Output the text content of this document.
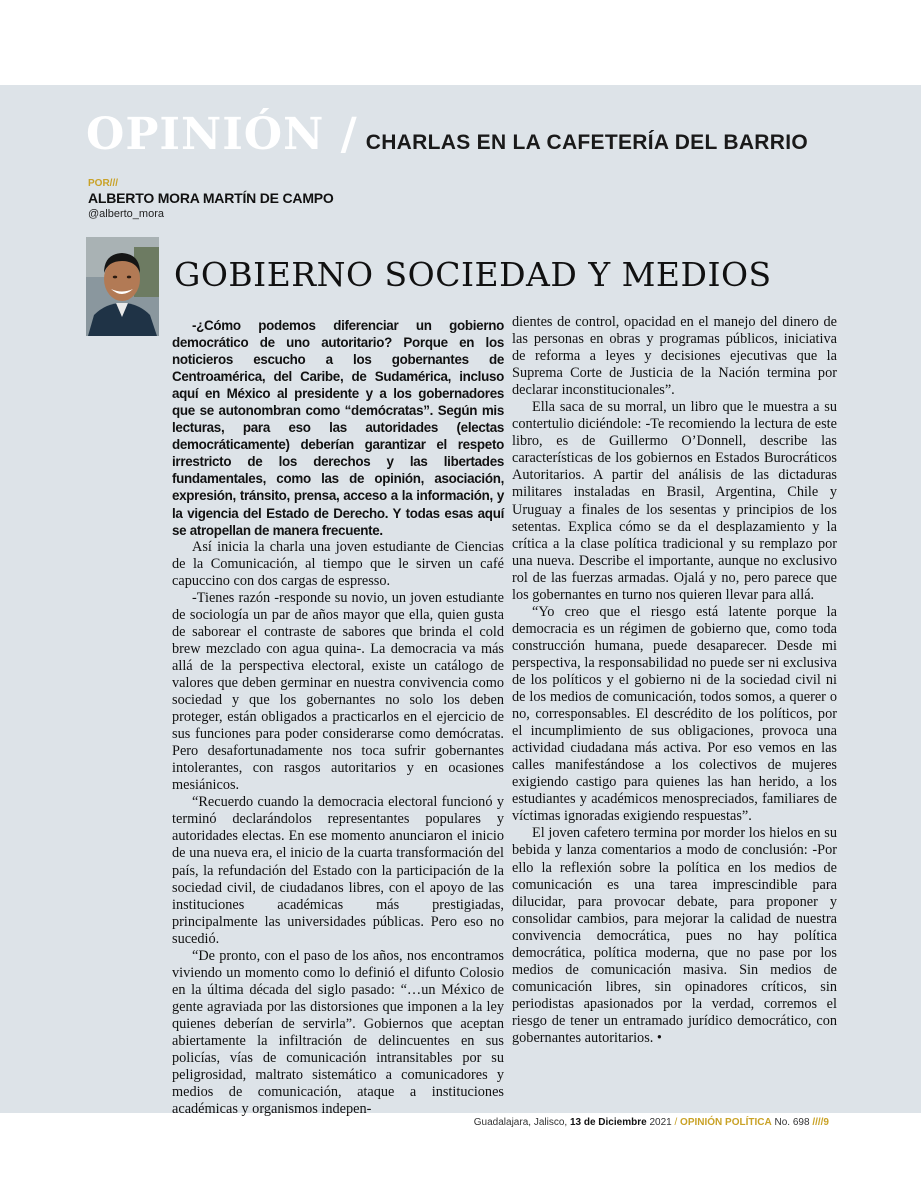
OPINIÓN / CHARLAS EN LA CAFETERÍA DEL BARRIO
POR///
ALBERTO MORA MARTÍN DE CAMPO
@alberto_mora
GOBIERNO SOCIEDAD Y MEDIOS

-¿Cómo podemos diferenciar un gobierno democrático de uno autoritario? Porque en los noticieros escucho a los gobernantes de Centroamérica, del Caribe, de Sudamérica, incluso aquí en México al presidente y a los gobernadores que se autonombran como “demócratas”. Según mis lecturas, para eso las autoridades (electas democráticamente) deberían garantizar el respeto irrestricto de los derechos y las libertades fundamentales, como las de opinión, asociación, expresión, tránsito, prensa, acceso a la información, y la vigencia del Estado de Derecho. Y todas esas aquí se atropellan de manera frecuente.

Así inicia la charla una joven estudiante de Ciencias de la Comunicación, al tiempo que le sirven un café capuccino con dos cargas de espresso.

-Tienes razón -responde su novio, un joven estudiante de sociología un par de años mayor que ella, quien gusta de saborear el contraste de sabores que brinda el cold brew mezclado con agua quina-. La democracia va más allá de la perspectiva electoral, existe un catálogo de valores que deben germinar en nuestra convivencia como sociedad y que los gobernantes no solo los deben proteger, están obligados a practicarlos en el ejercicio de sus funciones para poder considerarse como demócratas. Pero desafortunadamente nos toca sufrir gobernantes intolerantes, con rasgos autoritarios y en ocasiones mesiánicos.

“Recuerdo cuando la democracia electoral funcionó y terminó declarándolos representantes populares y autoridades electas. En ese momento anunciaron el inicio de una nueva era, el inicio de la cuarta transformación del país, la refundación del Estado con la participación de la sociedad civil, de ciudadanos libres, con el apoyo de las instituciones académicas más prestigiadas, principalmente las universidades públicas. Pero eso no sucedió.

“De pronto, con el paso de los años, nos encontramos viviendo un momento como lo definió el difunto Colosio en la última década del siglo pasado: “…un México de gente agraviada por las distorsiones que imponen a la ley quienes deberían de servirla”. Gobiernos que aceptan abiertamente la infiltración de delincuentes en sus policías, vías de comunicación intransitables por su peligrosidad, maltrato sistemático a comunicadores y medios de comunicación, ataque a instituciones académicas y organismos indepen-

dientes de control, opacidad en el manejo del dinero de las personas en obras y programas públicos, iniciativa de reforma a leyes y decisiones ejecutivas que la Suprema Corte de Justicia de la Nación termina por declarar inconstitucionales”.

Ella saca de su morral, un libro que le muestra a su contertulio diciéndole: -Te recomiendo la lectura de este libro, es de Guillermo O’Donnell, describe las características de los gobiernos en Estados Burocráticos Autoritarios. A partir del análisis de las dictaduras militares instaladas en Brasil, Argentina, Chile y Uruguay a finales de los sesentas y principios de los setentas. Explica cómo se da el desplazamiento y la crítica a la clase política tradicional y su remplazo por una nueva. Describe el importante, aunque no exclusivo rol de las fuerzas armadas. Ojalá y no, pero parece que los gobernantes en turno nos quieren llevar para allá.

“Yo creo que el riesgo está latente porque la democracia es un régimen de gobierno que, como toda construcción humana, puede desaparecer. Desde mi perspectiva, la responsabilidad no puede ser ni exclusiva de los políticos y el gobierno ni de la sociedad civil ni de los medios de comunicación, todos somos, a querer o no, corresponsables. El descrédito de los políticos, por el incumplimiento de sus obligaciones, provoca una actividad ciudadana más activa. Por eso vemos en las calles manifestándose a los colectivos de mujeres exigiendo castigo para quienes las han herido, a los estudiantes y académicos menospreciados, familiares de víctimas ignoradas exigiendo respuestas”.

El joven cafetero termina por morder los hielos en su bebida y lanza comentarios a modo de conclusión: -Por ello la reflexión sobre la política en los medios de comunicación es una tarea imprescindible para dilucidar, para provocar debate, para proponer y consolidar cambios, para mejorar la calidad de nuestra convivencia democrática, pues no hay política democrática, política moderna, que no pase por los medios de comunicación masiva. Sin medios de comunicación libres, sin opinadores críticos, sin periodistas apasionados por la verdad, corremos el riesgo de tener un entramado jurídico democrático, con gobernantes autoritarios. •

Guadalajara, Jalisco, 13 de Diciembre 2021 / OPINIÓN POLÍTICA No. 698 ////9
